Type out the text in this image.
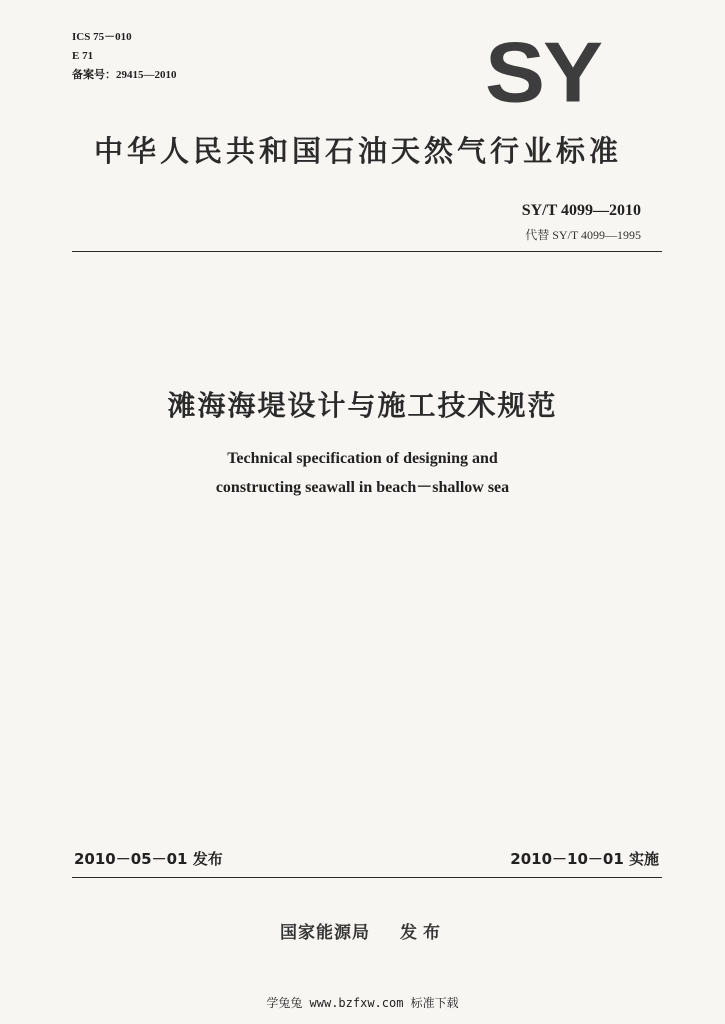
ICS 75－010
E 71
备案号：29415—2010	SY
中华人民共和国石油天然气行业标准
SY/T 4099—2010
代替 SY/T 4099—1995
滩海海堤设计与施工技术规范
Technical specification of designing and
constructing seawall in beach－shallow sea
2010－05－01 发布	2010－10－01 实施
国家能源局 发布
学兔兔 www.bzfxw.com 标准下载
